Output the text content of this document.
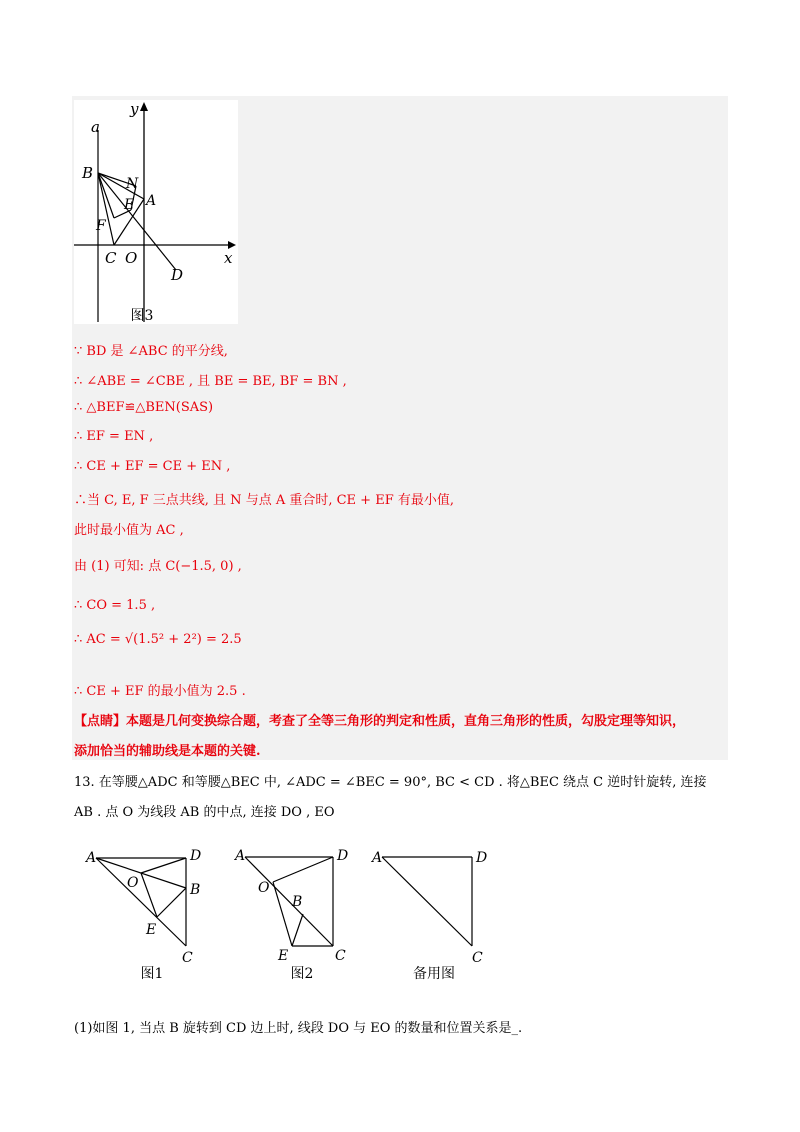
y
a
B
N
A
E
F
C O	x
D
图3
∵ BD 是 ∠ABC 的平分线,
∴ ∠ABE = ∠CBE , 且 BE = BE, BF = BN ,
∴ △BEF≌△BEN(SAS)
∴ EF = EN ,
∴ CE + EF = CE + EN ,
∴当 C, E, F 三点共线, 且 N 与点 A 重合时, CE + EF 有最小值,
此时最小值为 AC ,
由 (1) 可知: 点 C(−1.5, 0) ,
∴ CO = 1.5 ,
∴ AC = √(1.5² + 2²) = 2.5
∴ CE + EF 的最小值为 2.5 .
【点睛】本题是几何变换综合题，考查了全等三角形的判定和性质，直角三角形的性质，勾股定理等知识，
添加恰当的辅助线是本题的关键.
13. 在等腰△ADC 和等腰△BEC 中, ∠ADC = ∠BEC = 90°, BC < CD . 将△BEC 绕点 C 逆时针旋转, 连接
AB . 点 O 为线段 AB 的中点, 连接 DO , EO
A	D
O	B
E
C
图1
A	D
O
B
E	C
图2
A	D
C
备用图
(1)如图 1, 当点 B 旋转到 CD 边上时, 线段 DO 与 EO 的数量和位置关系是_.
